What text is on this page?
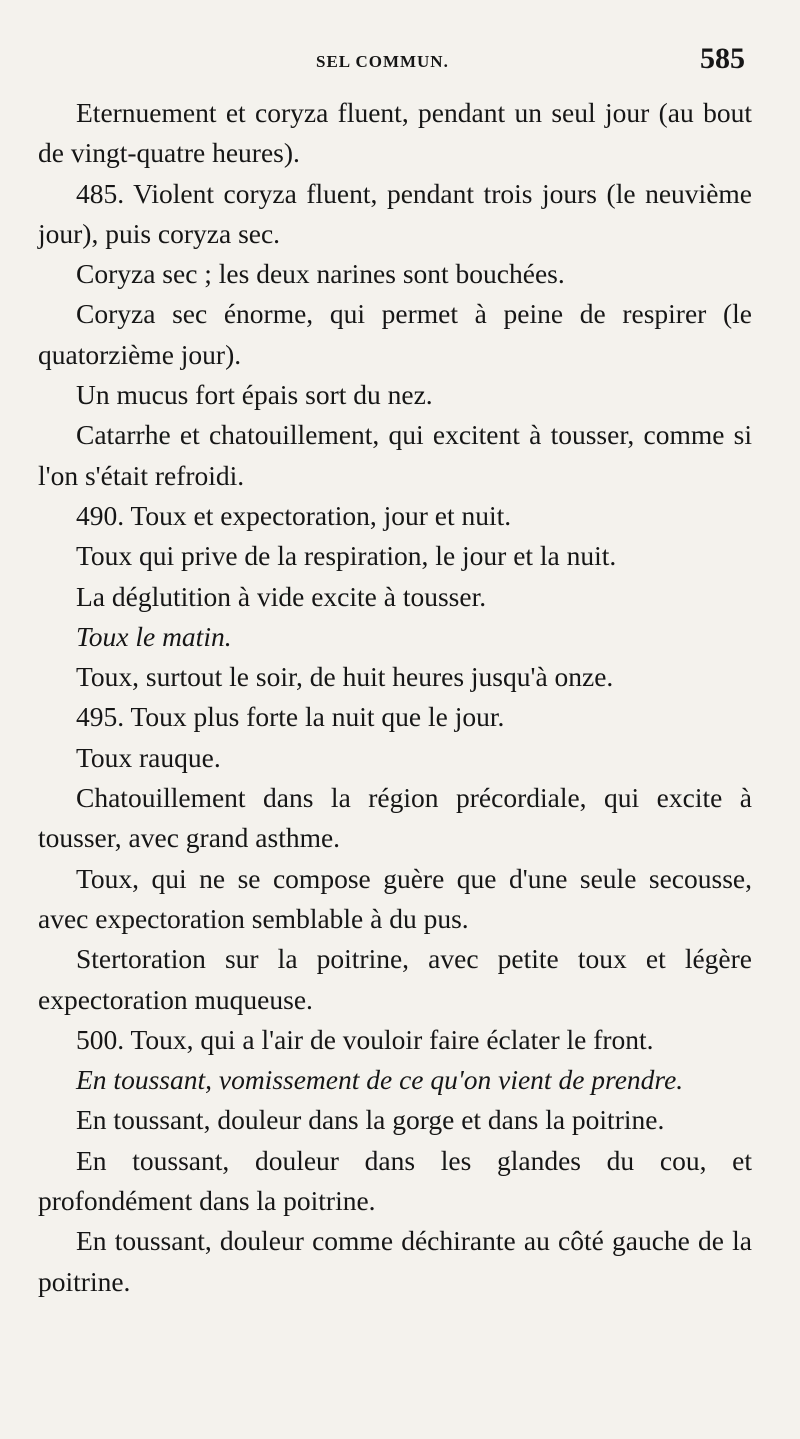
SEL COMMUN.	585

Eternuement et coryza fluent, pendant un seul jour (au bout de vingt-quatre heures).

485. Violent coryza fluent, pendant trois jours (le neuvième jour), puis coryza sec.

Coryza sec ; les deux narines sont bouchées.

Coryza sec énorme, qui permet à peine de respirer (le quatorzième jour).

Un mucus fort épais sort du nez.

Catarrhe et chatouillement, qui excitent à tousser, comme si l'on s'était refroidi.

490. Toux et expectoration, jour et nuit.

Toux qui prive de la respiration, le jour et la nuit.

La déglutition à vide excite à tousser.

Toux le matin.

Toux, surtout le soir, de huit heures jusqu'à onze.

495. Toux plus forte la nuit que le jour.

Toux rauque.

Chatouillement dans la région précordiale, qui excite à tousser, avec grand asthme.

Toux, qui ne se compose guère que d'une seule secousse, avec expectoration semblable à du pus.

Stertoration sur la poitrine, avec petite toux et légère expectoration muqueuse.

500. Toux, qui a l'air de vouloir faire éclater le front.

En toussant, vomissement de ce qu'on vient de prendre.

En toussant, douleur dans la gorge et dans la poitrine.

En toussant, douleur dans les glandes du cou, et profondément dans la poitrine.

En toussant, douleur comme déchirante au côté gauche de la poitrine.
